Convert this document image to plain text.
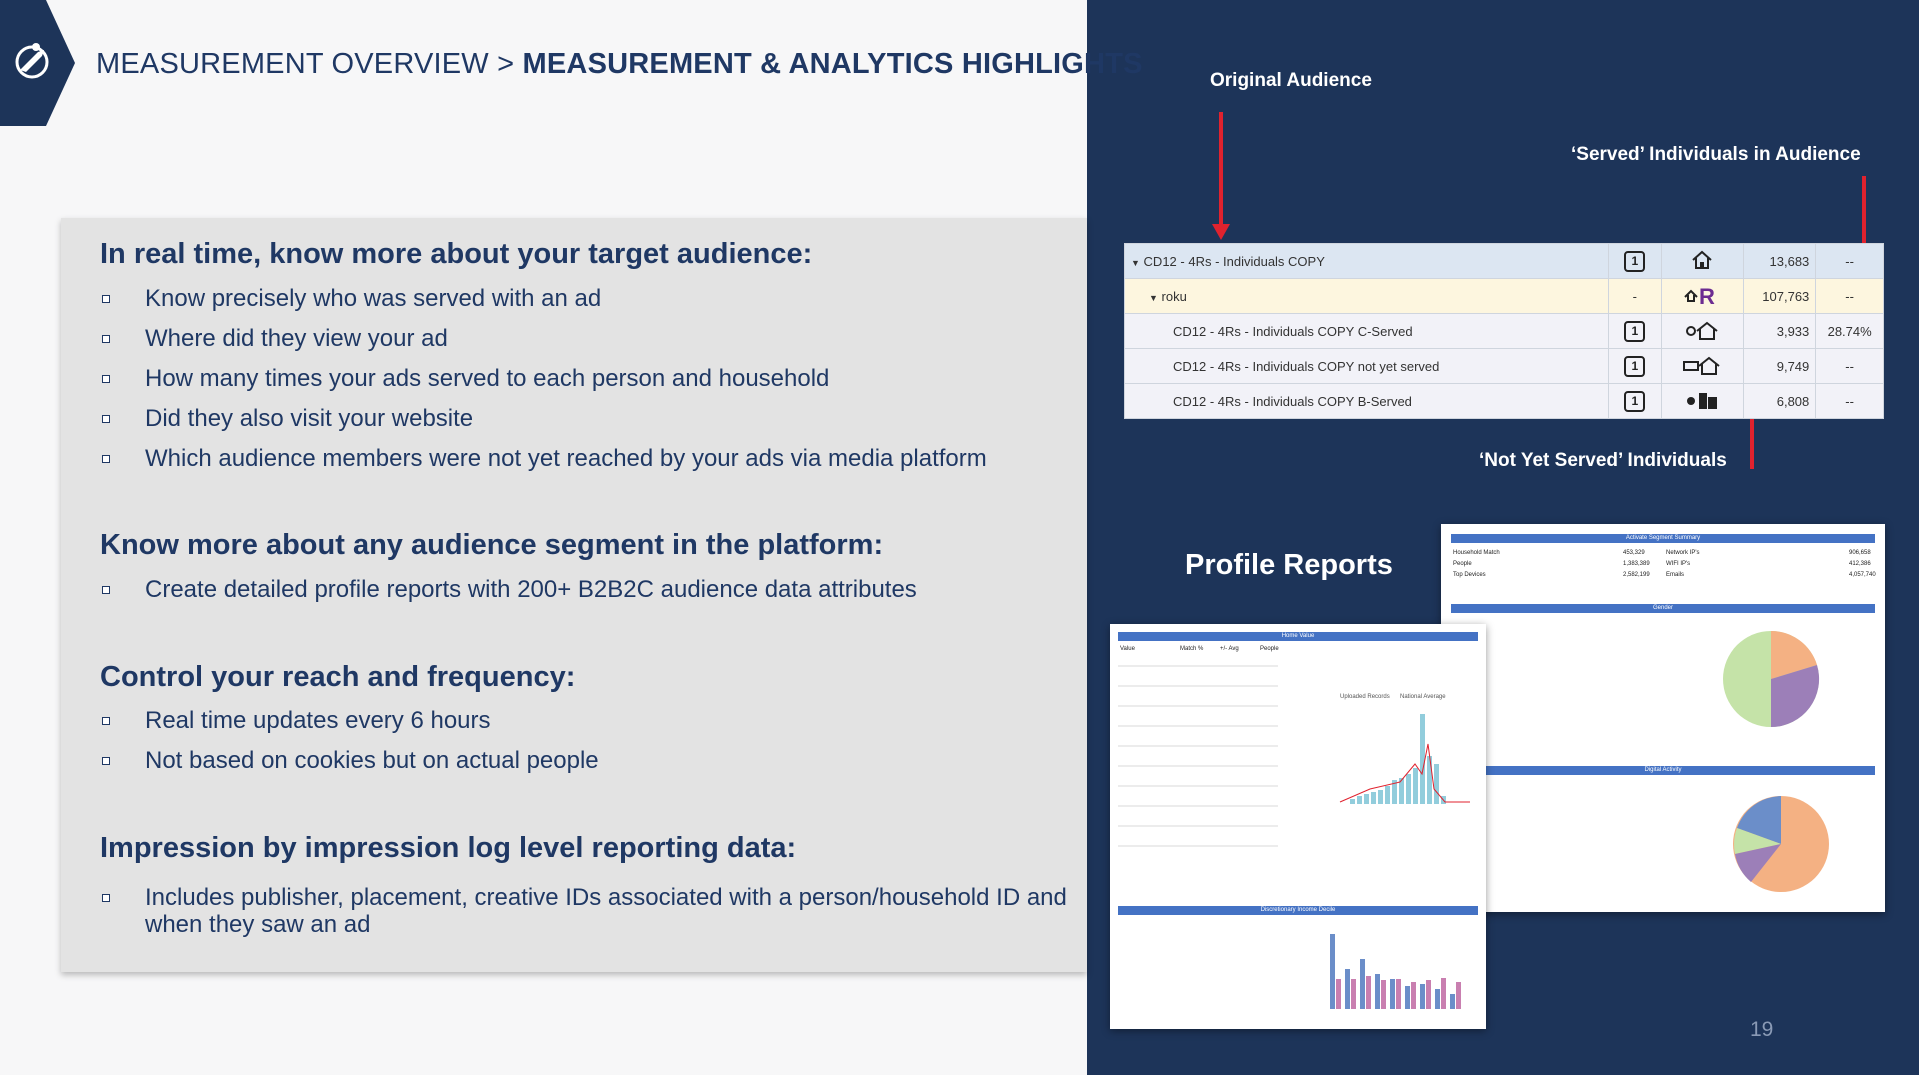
MEASUREMENT OVERVIEW > MEASUREMENT & ANALYTICS HIGHLIGHTS
In real time, know more about your target audience:
Know precisely who was served with an ad
Where did they view your ad
How many times your ads served to each person and household
Did they also visit your website
Which audience members were not yet reached by your ads via media platform
Know more about any audience segment in the platform:
Create detailed profile reports with 200+ B2B2C audience data attributes
Control your reach and frequency:
Real time updates every 6 hours
Not based on cookies but on actual people
Impression by impression log level reporting data:
Includes publisher, placement, creative IDs associated with a person/household ID and when they saw an ad
Original Audience
‘Served’ Individuals in Audience
‘Not Yet Served’ Individuals
▼ CD12 - 4Rs - Individuals COPY	1		13,683	--
▼ roku	-	R	107,763	--
CD12 - 4Rs - Individuals COPY C-Served	1		3,933	28.74%
CD12 - 4Rs - Individuals COPY not yet served	1		9,749	--
CD12 - 4Rs - Individuals COPY B-Served	1		6,808	--
Profile Reports
Activate Segment Summary
Household Match	453,329	Network IP's	906,658
People	1,383,389	WIFI IP's	412,386
Top Devices	2,582,199	Emails	4,057,740
Gender
Digital Activity
Home Value
Value	Match %	+/- Avg	People
Uploaded Records National Average
Discretionary Income Decile
19
